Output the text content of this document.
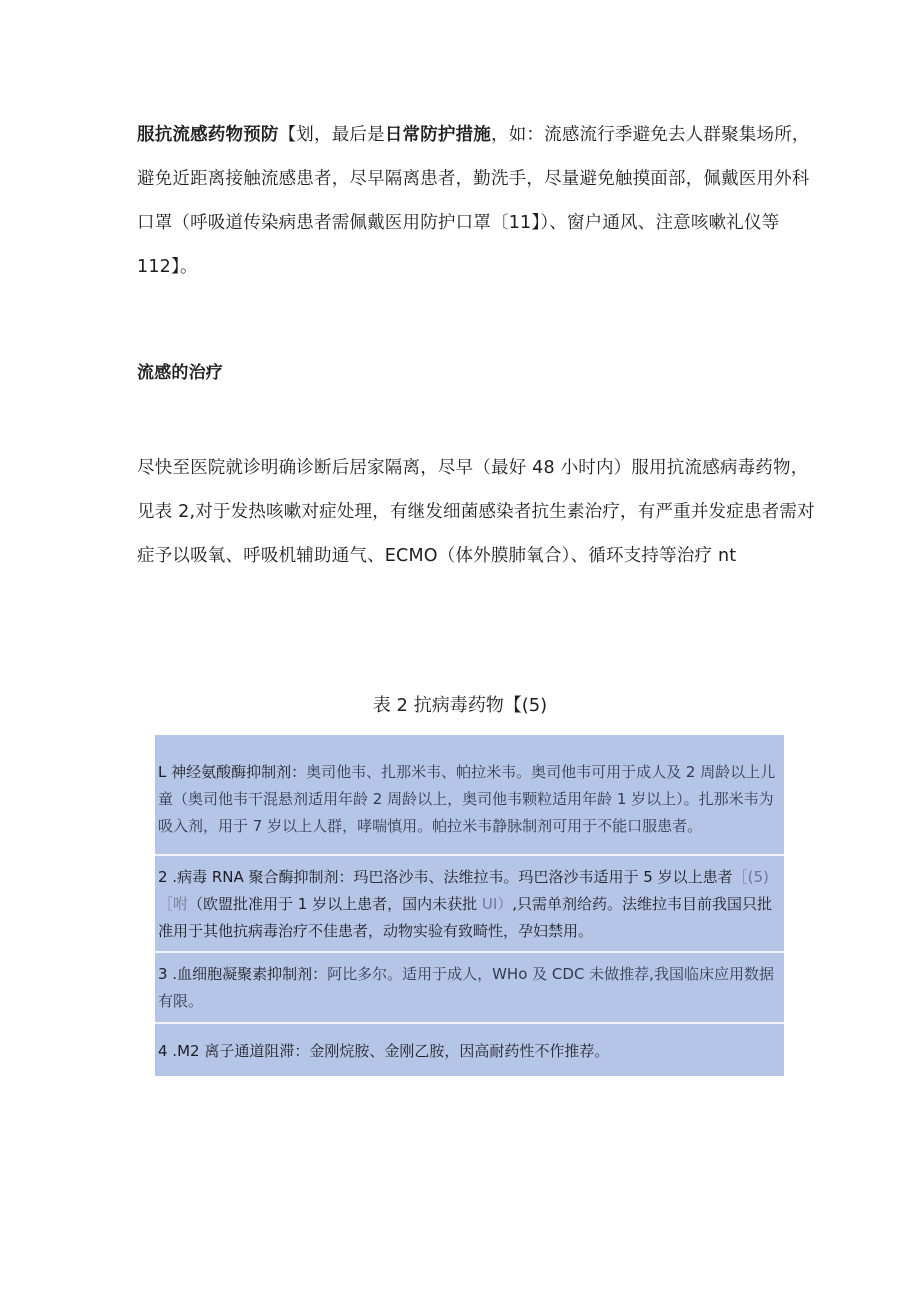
服抗流感药物预防【划，最后是日常防护措施，如：流感流行季避免去人群聚集场所，避免近距离接触流感患者，尽早隔离患者，勤洗手，尽量避免触摸面部，佩戴医用外科口罩（呼吸道传染病患者需佩戴医用防护口罩〔11】）、窗户通风、注意咳嗽礼仪等 112】。

流感的治疗

尽快至医院就诊明确诊断后居家隔离，尽早（最好 48 小时内）服用抗流感病毒药物，见表 2,对于发热咳嗽对症处理，有继发细菌感染者抗生素治疗，有严重并发症患者需对症予以吸氧、呼吸机辅助通气、ECMO（体外膜肺氧合）、循环支持等治疗 nt

表 2 抗病毒药物【(5)
L 神经氨酸酶抑制剂：奥司他韦、扎那米韦、帕拉米韦。奥司他韦可用于成人及 2 周龄以上儿童（奥司他韦干混悬剂适用年龄 2 周龄以上，奥司他韦颗粒适用年龄 1 岁以上）。扎那米韦为吸入剂，用于 7 岁以上人群，哮喘慎用。帕拉米韦静脉制剂可用于不能口服患者。
2 .病毒 RNA 聚合酶抑制剂：玛巴洛沙韦、法维拉韦。玛巴洛沙韦适用于 5 岁以上患者［(5)［咐（欧盟批准用于 1 岁以上患者，国内未获批 UI）,只需单剂给药。法维拉韦目前我国只批准用于其他抗病毒治疗不佳患者，动物实验有致畸性，孕妇禁用。
3 .血细胞凝聚素抑制剂：阿比多尔。适用于成人，WHo 及 CDC 未做推荐,我国临床应用数据有限。
4 .M2 离子通道阻滞：金刚烷胺、金刚乙胺，因高耐药性不作推荐。
